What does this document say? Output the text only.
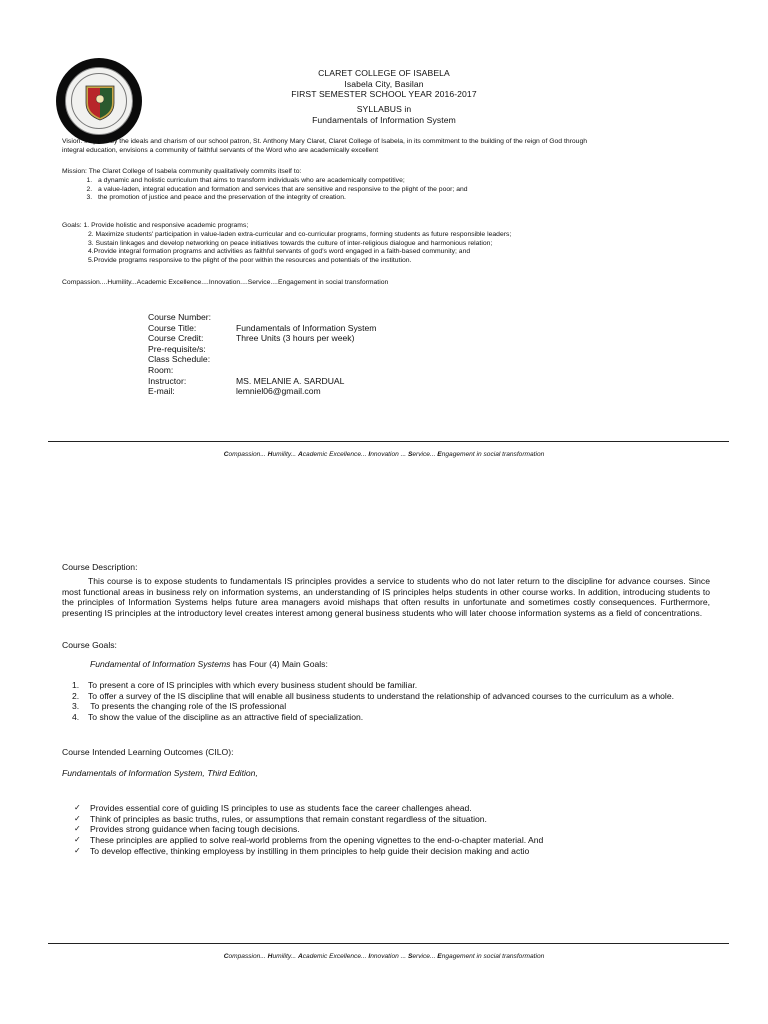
CLARET COLLEGE OF ISABELA
Isabela City, Basilan
FIRST SEMESTER SCHOOL YEAR 2016-2017
SYLLABUS in
Fundamentals of Information System
Vision: Inspired by the ideals and charism of our school patron, St. Anthony Mary Claret, Claret College of Isabela, in its commitment to the building of the reign of God through
integral education, envisions a community of faithful servants of the Word who are academically excellent
Mission: The Claret College of Isabela community qualitatively commits itself to:
1. a dynamic and holistic curriculum that aims to transform individuals who are academically competitive;
2. a value-laden, integral education and formation and services that are sensitive and responsive to the plight of the poor; and
3. the promotion of justice and peace and the preservation of the integrity of creation.
Goals: 1. Provide holistic and responsive academic programs;
2. Maximize students' participation in value-laden extra-curricular and co-curricular programs, forming students as future responsible leaders;
3. Sustain linkages and develop networking on peace initiatives towards the culture of inter-religious dialogue and harmonious relation;
4.Provide integral formation programs and activities as faithful servants of god's word engaged in a faith-based community; and
5.Provide programs responsive to the plight of the poor within the resources and potentials of the institution.
Compassion....Humility...Academic Excellence....Innovation....Service....Engagement in social transformation
Course Number:
Course Title:	Fundamentals of Information System
Course Credit:	Three Units (3 hours per week)
Pre-requisite/s:
Class Schedule:
Room:
Instructor:	MS. MELANIE A. SARDUAL
E-mail:	lemniel06@gmail.com
Compassion... Humility... Academic Excellence... Innovation ... Service... Engagement in social transformation
Course Description:
This course is to expose students to fundamentals IS principles provides a service to students who do not later return to the discipline for advance courses. Since most functional areas in business rely on information systems, an understanding of IS principles helps students in other course works. In addition, introducing students to the principles of Information Systems helps future area managers avoid mishaps that often results in unfortunate and sometimes costly consequences. Furthermore, presenting IS principles at the introductory level creates interest among general business students who will later choose information systems as a field of concentrations.
Course Goals:
Fundamental of Information Systems has Four (4) Main Goals:
1.	To present a core of IS principles with which every business student should be familiar.
2.	To offer a survey of the IS discipline that will enable all business students to understand the relationship of advanced courses to the curriculum as a whole.
3.	To presents the changing role of the IS professional
4.	To show the value of the discipline as an attractive field of specialization.
Course Intended Learning Outcomes (CILO):
Fundamentals of Information System, Third Edition,
✓	Provides essential core of guiding IS principles to use as students face the career challenges ahead.
✓	Think of principles as basic truths, rules, or assumptions that remain constant regardless of the situation.
✓	Provides strong guidance when facing tough decisions.
✓	These principles are applied to solve real-world problems from the opening vignettes to the end-o-chapter material. And
✓	To develop effective, thinking employess by instilling in them principles to help guide their decision making and actio
Compassion... Humility... Academic Excellence... Innovation ... Service... Engagement in social transformation
